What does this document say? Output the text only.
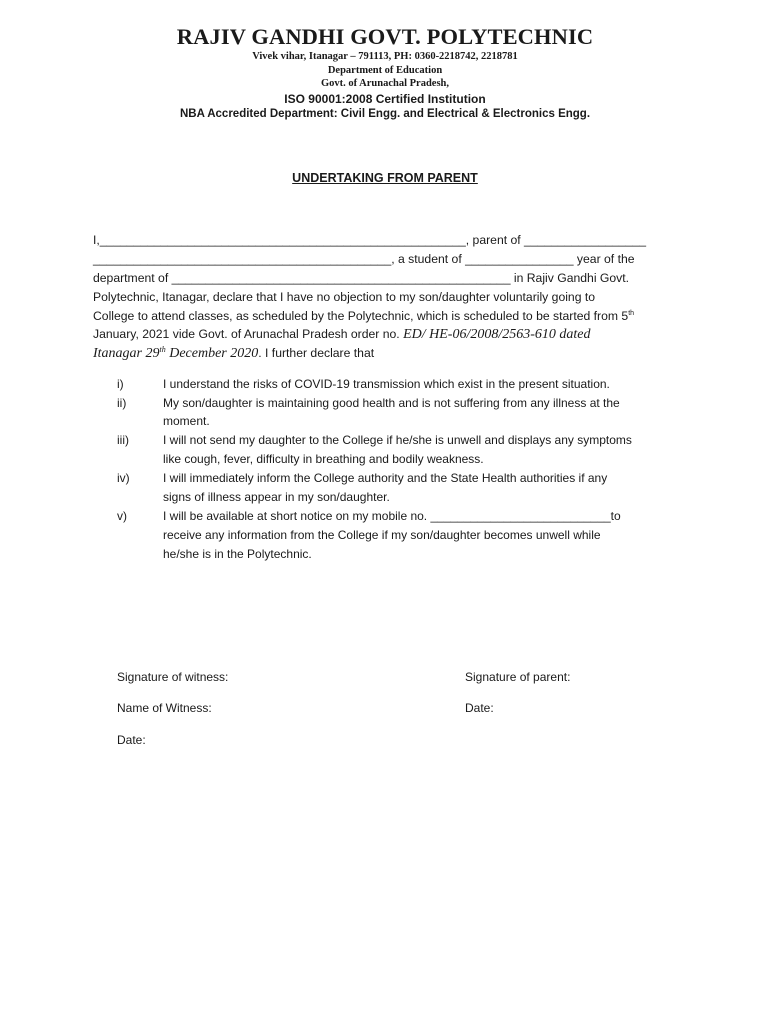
RAJIV GANDHI GOVT. POLYTECHNIC
Vivek vihar, Itanagar – 791113, PH: 0360-2218742, 2218781
Department of Education
Govt. of Arunachal Pradesh,
ISO 90001:2008 Certified Institution
NBA Accredited Department: Civil Engg. and Electrical & Electronics Engg.
UNDERTAKING FROM PARENT
I,______________________________________________________, parent of __________________
____________________________________________, a student of ________________ year of the
department of __________________________________________________ in Rajiv Gandhi Govt.
Polytechnic, Itanagar, declare that I have no objection to my son/daughter voluntarily going to
College to attend classes, as scheduled by the Polytechnic, which is scheduled to be started from 5th
January, 2021 vide Govt. of Arunachal Pradesh order no. ED/ HE-06/2008/2563-610 dated
Itanagar 29th December 2020. I further declare that
i)	I understand the risks of COVID-19 transmission which exist in the present situation.
ii)	My son/daughter is maintaining good health and is not suffering from any illness at the
moment.
iii)	I will not send my daughter to the College if he/she is unwell and displays any symptoms
like cough, fever, difficulty in breathing and bodily weakness.
iv)	I will immediately inform the College authority and the State Health authorities if any
signs of illness appear in my son/daughter.
v)	I will be available at short notice on my mobile no. ___________________________to
receive any information from the College if my son/daughter becomes unwell while
he/she is in the Polytechnic.
Signature of witness:	Signature of parent:
Name of Witness:	Date:
Date:
